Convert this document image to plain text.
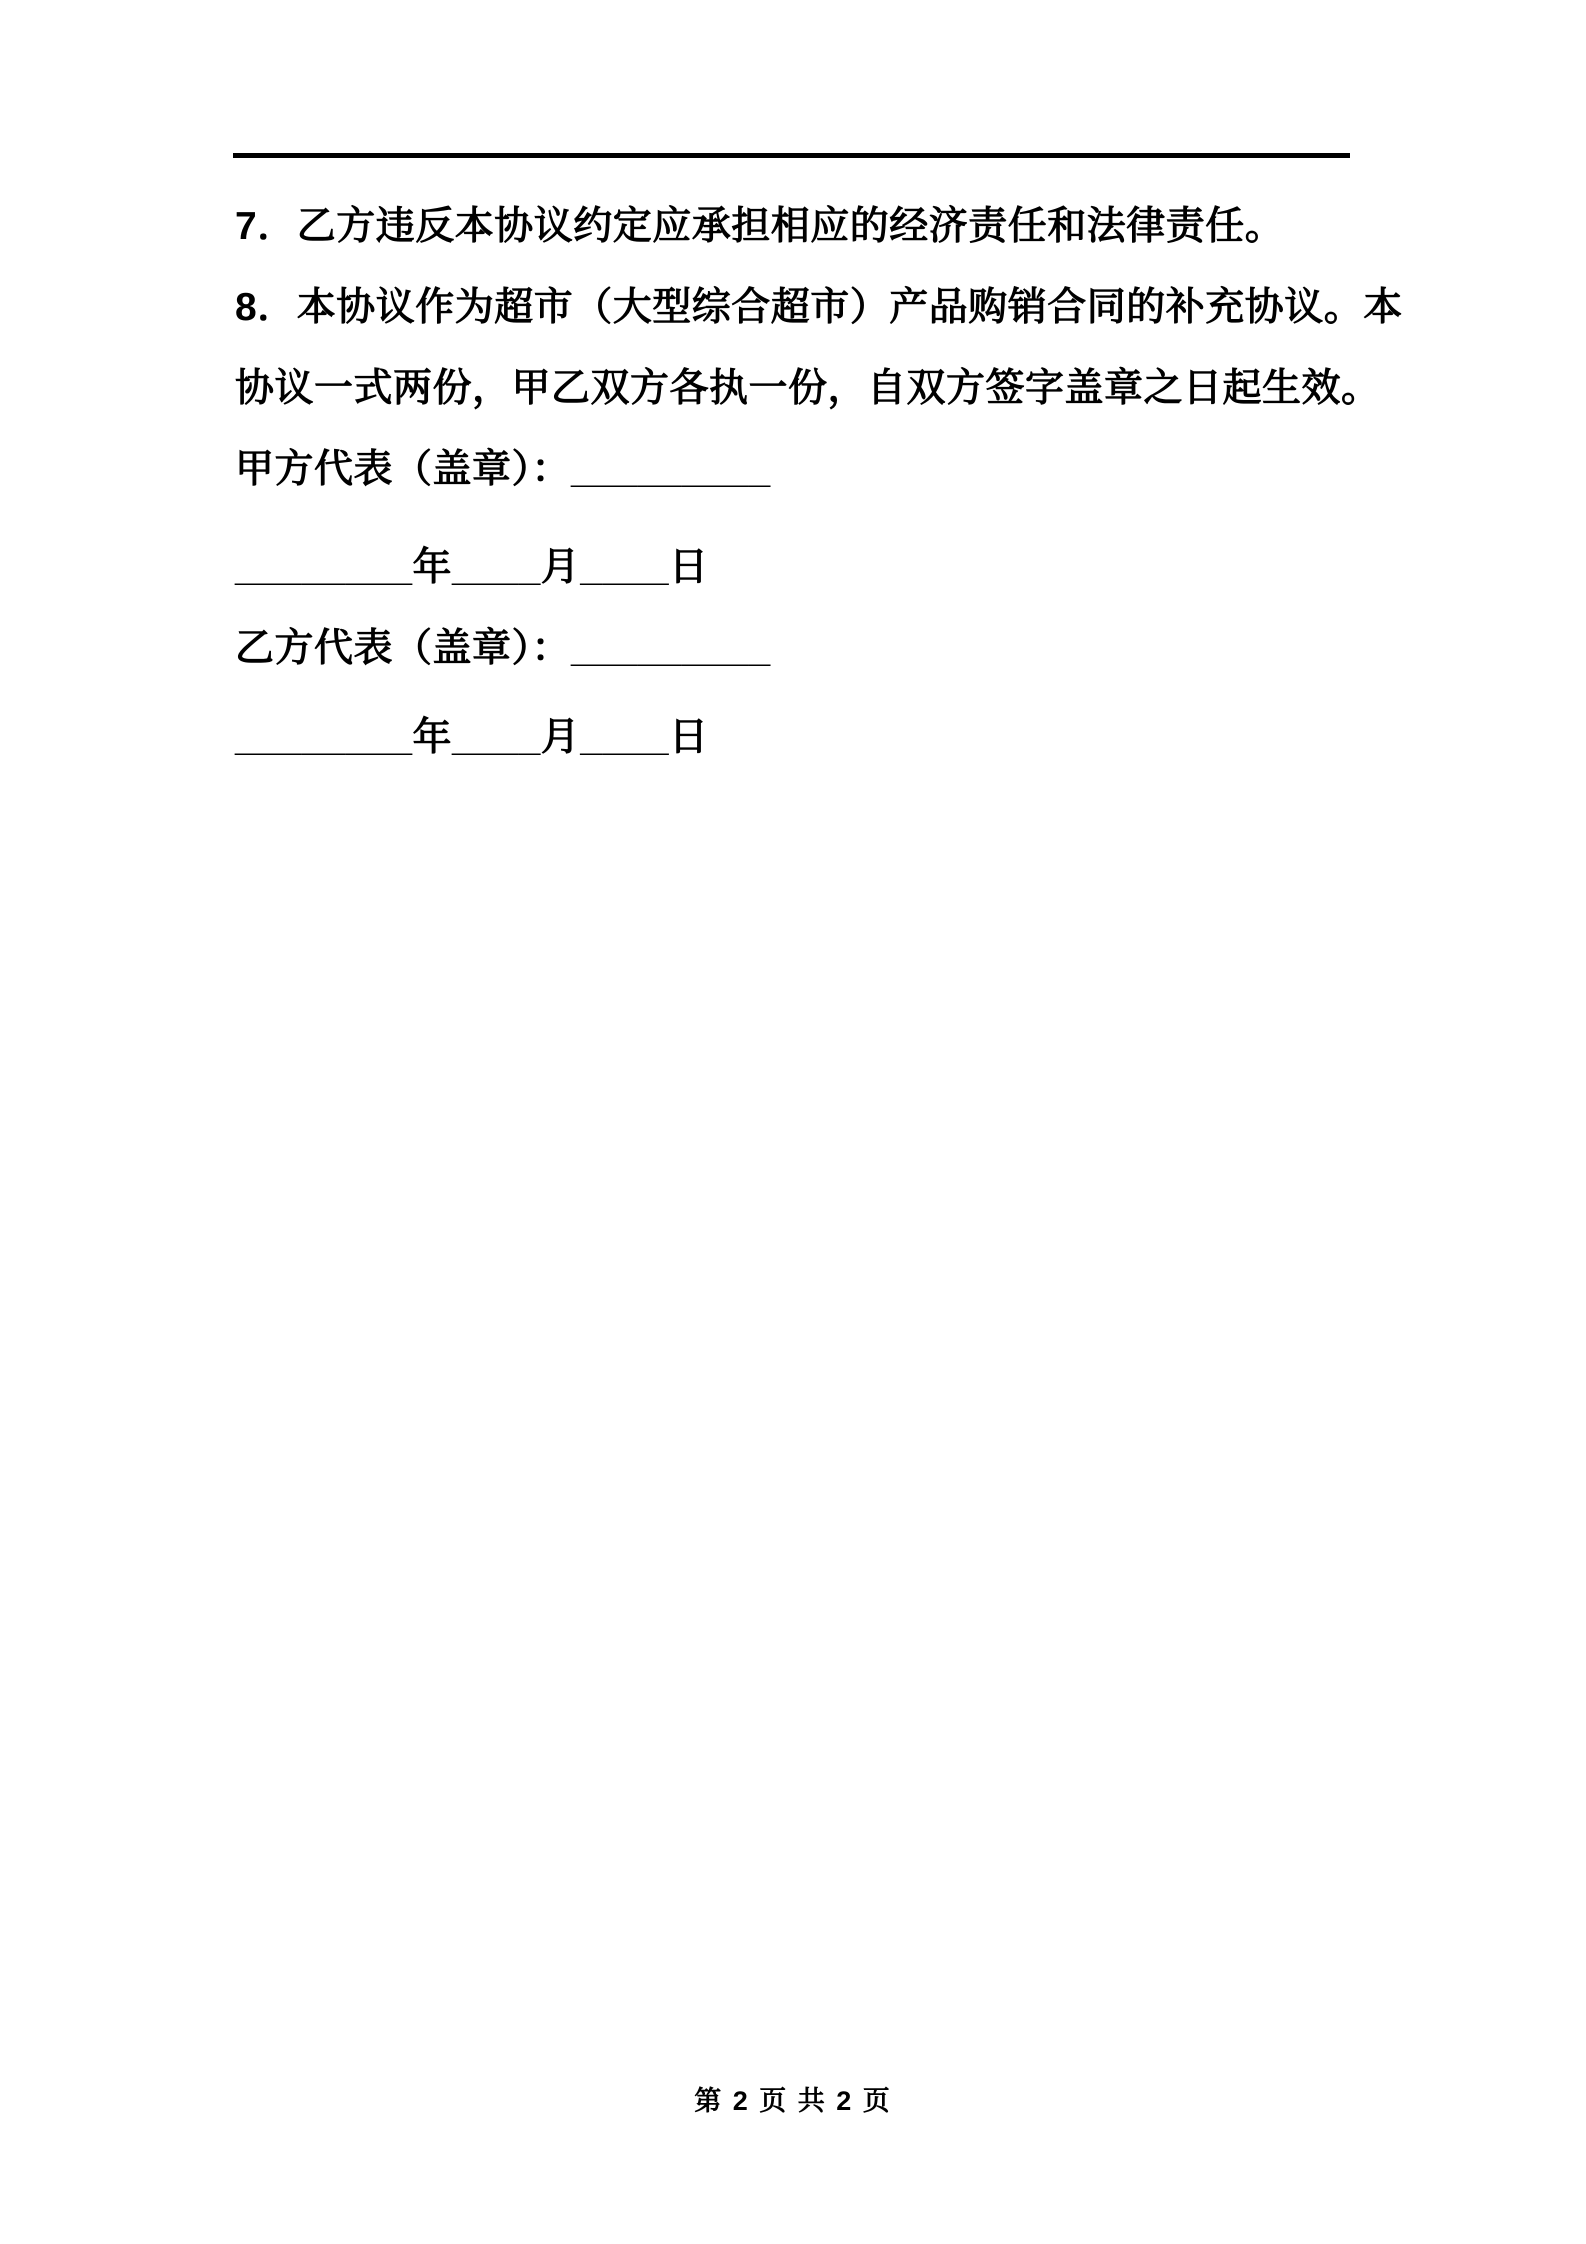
7．乙方违反本协议约定应承担相应的经济责任和法律责任。
8．本协议作为超市（大型综合超市）产品购销合同的补充协议。本
协议一式两份，甲乙双方各执一份，自双方签字盖章之日起生效。
甲方代表（盖章）：_________
________年____月____日
乙方代表（盖章）：_________
________年____月____日
第 2 页 共 2 页
